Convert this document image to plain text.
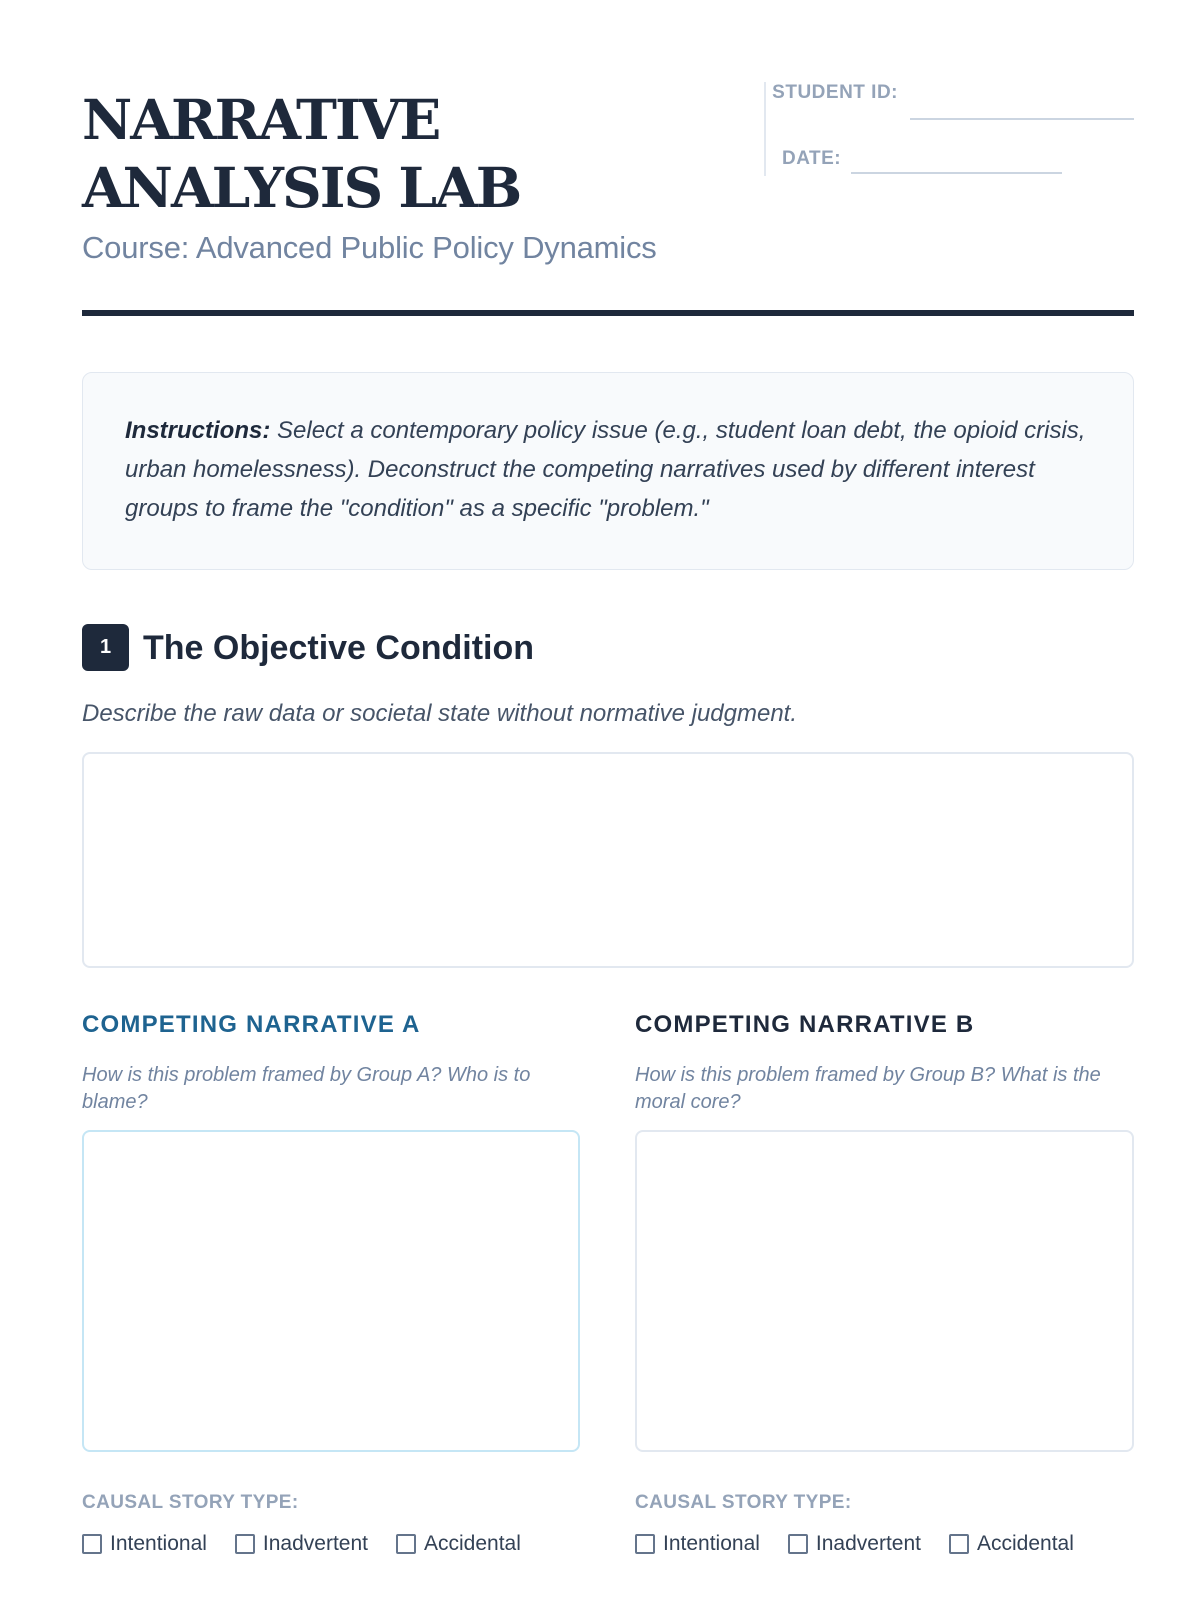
NARRATIVE ANALYSIS LAB
Course: Advanced Public Policy Dynamics
STUDENT ID:
DATE:
Instructions: Select a contemporary policy issue (e.g., student loan debt, the opioid crisis, urban homelessness). Deconstruct the competing narratives used by different interest groups to frame the "condition" as a specific "problem."
1 The Objective Condition
Describe the raw data or societal state without normative judgment.
COMPETING NARRATIVE A
How is this problem framed by Group A? Who is to blame?
CAUSAL STORY TYPE:
Intentional	Inadvertent	Accidental
COMPETING NARRATIVE B
How is this problem framed by Group B? What is the moral core?
CAUSAL STORY TYPE:
Intentional	Inadvertent	Accidental
